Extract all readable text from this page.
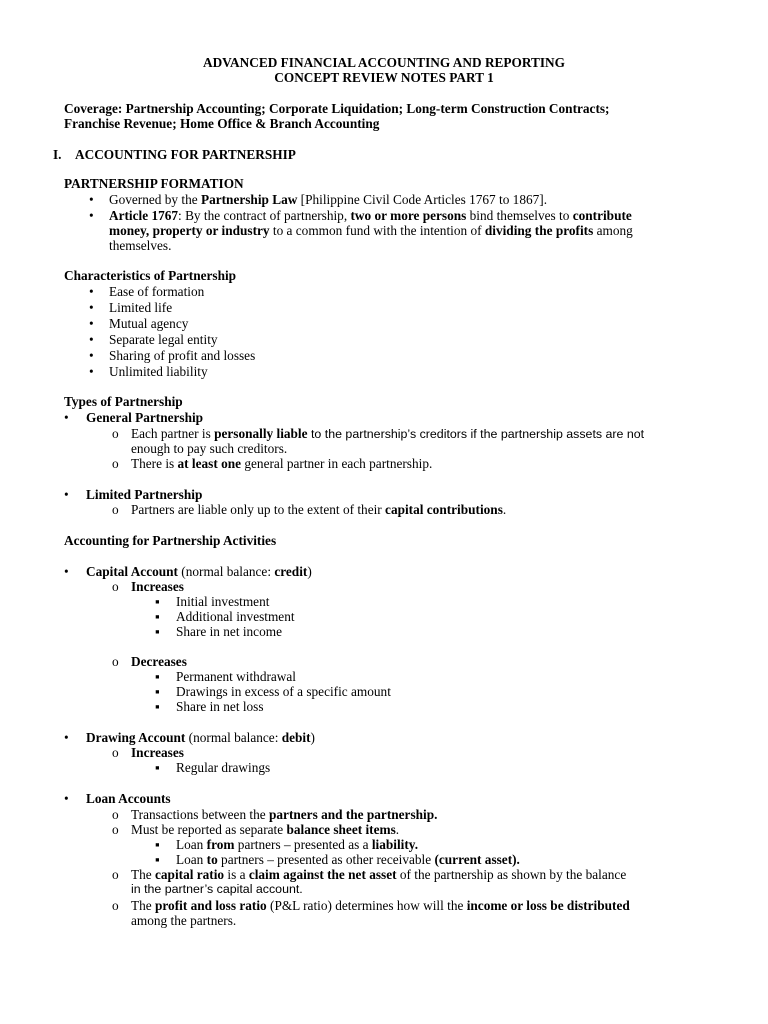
ADVANCED FINANCIAL ACCOUNTING AND REPORTING
CONCEPT REVIEW NOTES PART 1
Coverage: Partnership Accounting; Corporate Liquidation; Long-term Construction Contracts;
Franchise Revenue; Home Office & Branch Accounting
I. ACCOUNTING FOR PARTNERSHIP
PARTNERSHIP FORMATION
• Governed by the Partnership Law [Philippine Civil Code Articles 1767 to 1867].
• Article 1767: By the contract of partnership, two or more persons bind themselves to contribute
money, property or industry to a common fund with the intention of dividing the profits among
themselves.
Characteristics of Partnership
• Ease of formation
• Limited life
• Mutual agency
• Separate legal entity
• Sharing of profit and losses
• Unlimited liability
Types of Partnership
• General Partnership
o Each partner is personally liable to the partnership’s creditors if the partnership assets are not
enough to pay such creditors.
o There is at least one general partner in each partnership.
• Limited Partnership
o Partners are liable only up to the extent of their capital contributions.
Accounting for Partnership Activities
• Capital Account (normal balance: credit)
o Increases
▪ Initial investment
▪ Additional investment
▪ Share in net income
o Decreases
▪ Permanent withdrawal
▪ Drawings in excess of a specific amount
▪ Share in net loss
• Drawing Account (normal balance: debit)
o Increases
▪ Regular drawings
• Loan Accounts
o Transactions between the partners and the partnership.
o Must be reported as separate balance sheet items.
▪ Loan from partners – presented as a liability.
▪ Loan to partners – presented as other receivable (current asset).
o The capital ratio is a claim against the net asset of the partnership as shown by the balance
in the partner’s capital account.
o The profit and loss ratio (P&L ratio) determines how will the income or loss be distributed
among the partners.
